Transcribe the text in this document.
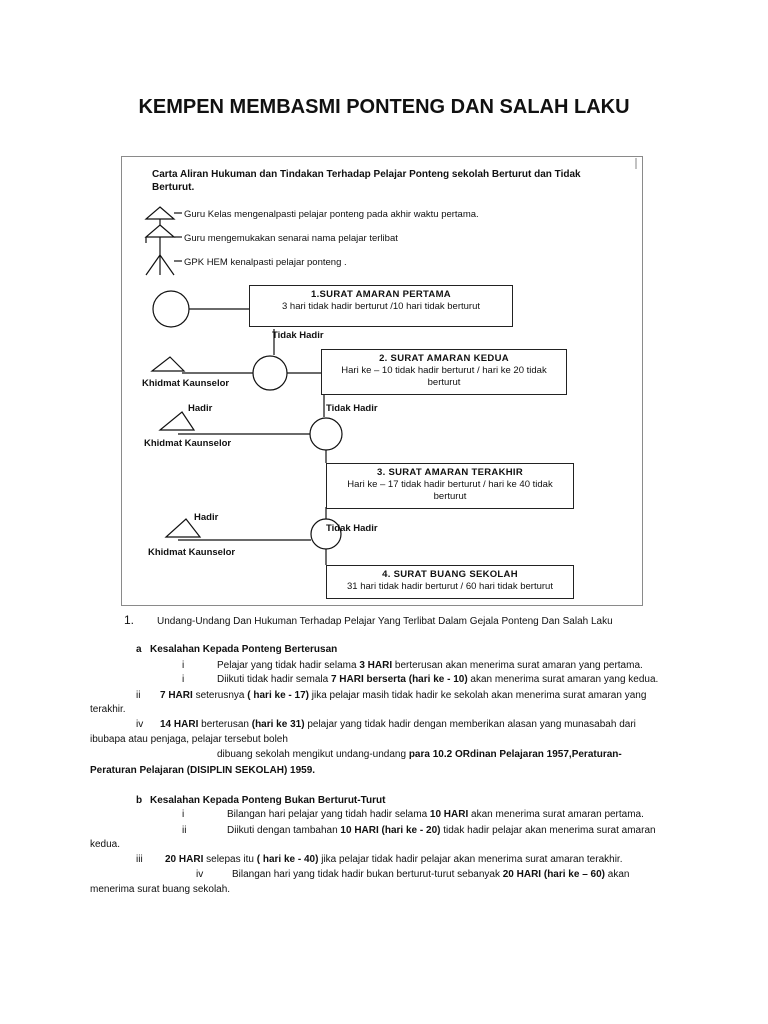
KEMPEN MEMBASMI PONTENG DAN SALAH LAKU
Carta Aliran Hukuman dan Tindakan Terhadap Pelajar Ponteng sekolah Berturut dan Tidak
Berturut.
Guru Kelas mengenalpasti pelajar ponteng pada akhir waktu pertama.
Guru mengemukakan senarai nama pelajar terlibat
GPK HEM kenalpasti pelajar ponteng .
1.SURAT AMARAN PERTAMA
3 hari tidak hadir berturut /10 hari tidak berturut
Tidak Hadir
2. SURAT AMARAN KEDUA
Hari ke – 10 tidak hadir berturut / hari ke 20 tidak
berturut
Khidmat Kaunselor
Hadir	Tidak Hadir
Khidmat Kaunselor
3. SURAT AMARAN TERAKHIR
Hari ke – 17 tidak hadir berturut / hari ke 40 tidak
berturut
Hadir
Tidak Hadir
Khidmat Kaunselor
4. SURAT BUANG SEKOLAH
31 hari tidak hadir berturut / 60 hari tidak berturut
1. Undang-Undang Dan Hukuman Terhadap Pelajar Yang Terlibat Dalam Gejala Ponteng Dan Salah Laku
a Kesalahan Kepada Ponteng Berterusan
i	Pelajar yang tidak hadir selama 3 HARI berterusan akan menerima surat amaran yang pertama.
i	Diikuti tidak hadir semala 7 HARI berserta (hari ke - 10) akan menerima surat amaran yang kedua.
ii 7 HARI seterusnya ( hari ke - 17) jika pelajar masih tidak hadir ke sekolah akan menerima surat amaran yang
terakhir.
iv 14 HARI berterusan (hari ke 31) pelajar yang tidak hadir dengan memberikan alasan yang munasabah dari
ibubapa atau penjaga, pelajar tersebut boleh
dibuang sekolah mengikut undang-undang para 10.2 ORdinan Pelajaran 1957,Peraturan-
Peraturan Pelajaran (DISIPLIN SEKOLAH) 1959.
b Kesalahan Kepada Ponteng Bukan Berturut-Turut
i	Bilangan hari pelajar yang tidah hadir selama 10 HARI akan menerima surat amaran pertama.
ii	Diikuti dengan tambahan 10 HARI (hari ke - 20) tidak hadir pelajar akan menerima surat amaran
kedua.
iii 20 HARI selepas itu ( hari ke - 40) jika pelajar tidak hadir pelajar akan menerima surat amaran terakhir.
iv	Bilangan hari yang tidak hadir bukan berturut-turut sebanyak 20 HARI (hari ke – 60) akan
menerima surat buang sekolah.
